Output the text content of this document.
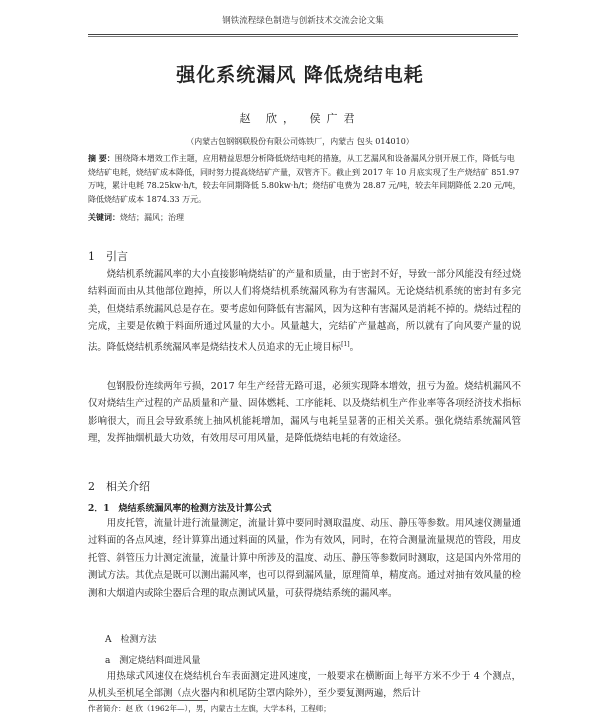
钢铁流程绿色制造与创新技术交流会论文集
强化系统漏风 降低烧结电耗
赵 欣， 侯广君
（内蒙古包钢钢联股份有限公司炼铁厂，内蒙古 包头 014010）
摘 要：围绕降本增效工作主题，应用精益思想分析降低烧结电耗的措施，从工艺漏风和设备漏风分别开展工作，降低与电烧结矿电耗，烧结矿成本降低，同时努力提高烧结矿产量，双管齐下。截止到 2017 年 10 月底实现了生产烧结矿 851.97 万吨，累计电耗 78.25kw·h/t，较去年同期降低 5.80kw·h/t；烧结矿电费为 28.87 元/吨，较去年同期降低 2.20 元/吨，降低烧结矿成本 1874.33 万元。
关键词：烧结；漏风；治理
1　引言
烧结机系统漏风率的大小直接影响烧结矿的产量和质量，由于密封不好，导致一部分风能没有经过烧结料面而由从其他部位跑掉，所以人们将烧结机系统漏风称为有害漏风。无论烧结机系统的密封有多完美，但烧结系统漏风总是存在。要考虑如何降低有害漏风，因为这种有害漏风是消耗不掉的。烧结过程的完成，主要是依赖于料面所通过风量的大小。风量越大，完结矿产量越高，所以就有了向风要产量的说法。降低烧结机系统漏风率是烧结技术人员追求的无止境目标[1]。
包钢股份连续两年亏损，2017 年生产经营无路可退，必须实现降本增效，扭亏为盈。烧结机漏风不仅对烧结生产过程的产品质量和产量、固体燃耗、工序能耗、以及烧结机生产作业率等各项经济技术指标影响很大，而且会导致系统上抽风机能耗增加，漏风与电耗呈显著的正相关关系。强化烧结系统漏风管理，发挥抽烟机最大功效，有效用尽可用风量，是降低烧结电耗的有效途径。
2　相关介绍
2．1　烧结系统漏风率的检测方法及计算公式
用皮托管，流量计进行流量测定，流量计算中要同时测取温度、动压、静压等参数。用风速仪测量通过料面的各点风速，经计算算出通过料面的风量，作为有效风，同时，在符合测量流量规范的管段，用皮托管、斜管压力计测定流量，流量计算中所涉及的温度、动压、静压等参数同时测取，这是国内外常用的测试方法。其优点是既可以测出漏风率，也可以得到漏风量，原理简单，精度高。通过对抽有效风量的检测和大烟道内或除尘器后合理的取点测试风量，可获得烧结系统的漏风率。
A　检测方法
a　测定烧结料面进风量
用热球式风速仪在烧结机台车表面测定进风速度，一般要求在横断面上每平方米不少于 4 个测点，从机头至机尾全部测（点火器内和机尾防尘罩内除外），至少要复测两遍，然后计
作者简介：赵 欣（1962年—），男，内蒙古土左旗，大学本科，工程师；
